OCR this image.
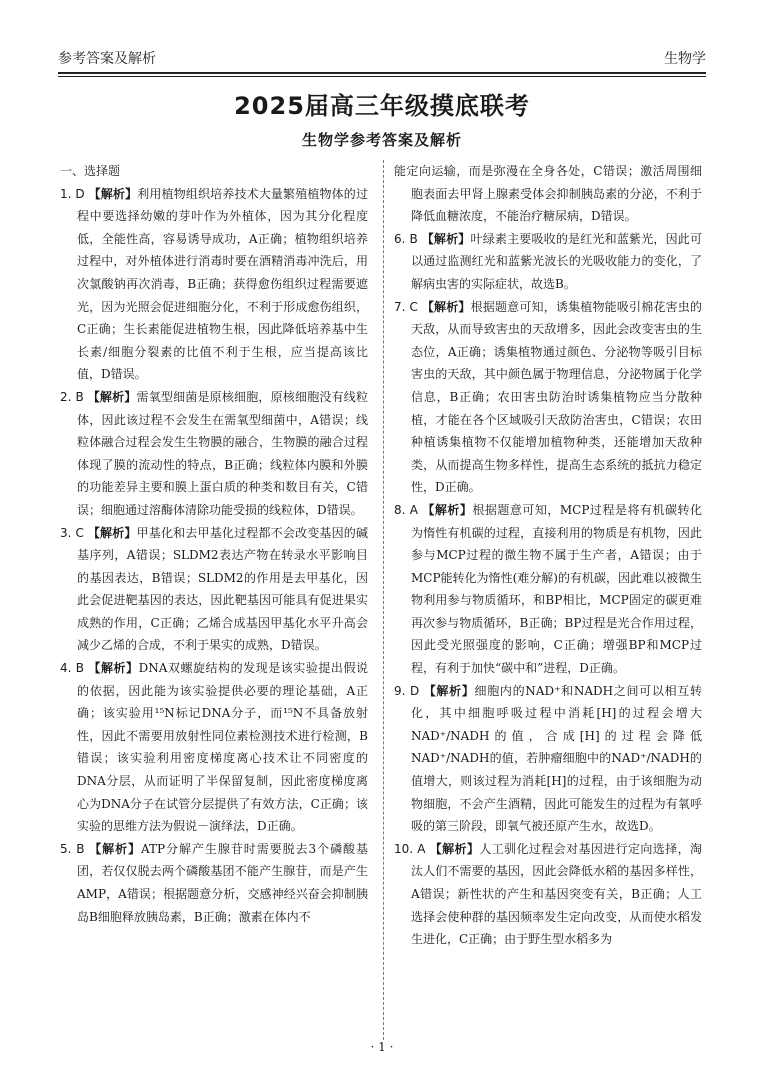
参考答案及解析	生物学
2025届高三年级摸底联考
生物学参考答案及解析
一、选择题
1. D 【解析】利用植物组织培养技术大量繁殖植物体的过程中要选择幼嫩的芽叶作为外植体，因为其分化程度低，全能性高，容易诱导成功，A正确；植物组织培养过程中，对外植体进行消毒时要在酒精消毒冲洗后，用次氯酸钠再次消毒，B正确；获得愈伤组织过程需要遮光，因为光照会促进细胞分化，不利于形成愈伤组织，C正确；生长素能促进植物生根，因此降低培养基中生长素/细胞分裂素的比值不利于生根，应当提高该比值，D错误。
2. B 【解析】需氧型细菌是原核细胞，原核细胞没有线粒体，因此该过程不会发生在需氧型细菌中，A错误；线粒体融合过程会发生生物膜的融合，生物膜的融合过程体现了膜的流动性的特点，B正确；线粒体内膜和外膜的功能差异主要和膜上蛋白质的种类和数目有关，C错误；细胞通过溶酶体清除功能受损的线粒体，D错误。
3. C 【解析】甲基化和去甲基化过程都不会改变基因的碱基序列，A错误；SLDM2表达产物在转录水平影响目的基因表达，B错误；SLDM2的作用是去甲基化，因此会促进靶基因的表达，因此靶基因可能具有促进果实成熟的作用，C正确；乙烯合成基因甲基化水平升高会减少乙烯的合成，不利于果实的成熟，D错误。
4. B 【解析】DNA双螺旋结构的发现是该实验提出假说的依据，因此能为该实验提供必要的理论基础，A正确；该实验用¹⁵N标记DNA分子，而¹⁵N不具备放射性，因此不需要用放射性同位素检测技术进行检测，B错误；该实验利用密度梯度离心技术让不同密度的DNA分层，从而证明了半保留复制，因此密度梯度离心为DNA分子在试管分层提供了有效方法，C正确；该实验的思维方法为假说－演绎法，D正确。
5. B 【解析】ATP分解产生腺苷时需要脱去3个磷酸基团，若仅仅脱去两个磷酸基团不能产生腺苷，而是产生AMP，A错误；根据题意分析，交感神经兴奋会抑制胰岛B细胞释放胰岛素，B正确；激素在体内不
能定向运输，而是弥漫在全身各处，C错误；激活周围细胞表面去甲肾上腺素受体会抑制胰岛素的分泌，不利于降低血糖浓度，不能治疗糖尿病，D错误。
6. B 【解析】叶绿素主要吸收的是红光和蓝紫光，因此可以通过监测红光和蓝紫光波长的光吸收能力的变化，了解病虫害的实际症状，故选B。
7. C 【解析】根据题意可知，诱集植物能吸引棉花害虫的天敌，从而导致害虫的天敌增多，因此会改变害虫的生态位，A正确；诱集植物通过颜色、分泌物等吸引目标害虫的天敌，其中颜色属于物理信息，分泌物属于化学信息，B正确；农田害虫防治时诱集植物应当分散种植，才能在各个区域吸引天敌防治害虫，C错误；农田种植诱集植物不仅能增加植物种类，还能增加天敌种类，从而提高生物多样性，提高生态系统的抵抗力稳定性，D正确。
8. A 【解析】根据题意可知，MCP过程是将有机碳转化为惰性有机碳的过程，直接利用的物质是有机物，因此参与MCP过程的微生物不属于生产者，A错误；由于MCP能转化为惰性(难分解)的有机碳，因此难以被微生物利用参与物质循环，和BP相比，MCP固定的碳更难再次参与物质循环，B正确；BP过程是光合作用过程，因此受光照强度的影响，C正确；增强BP和MCP过程，有利于加快“碳中和”进程，D正确。
9. D 【解析】细胞内的NAD⁺和NADH之间可以相互转化，其中细胞呼吸过程中消耗[H]的过程会增大NAD⁺/NADH的值，合成[H]的过程会降低NAD⁺/NADH的值，若肿瘤细胞中的NAD⁺/NADH的值增大，则该过程为消耗[H]的过程，由于该细胞为动物细胞，不会产生酒精，因此可能发生的过程为有氧呼吸的第三阶段，即氧气被还原产生水，故选D。
10. A 【解析】人工驯化过程会对基因进行定向选择，淘汰人们不需要的基因，因此会降低水稻的基因多样性，A错误；新性状的产生和基因突变有关，B正确；人工选择会使种群的基因频率发生定向改变，从而使水稻发生进化，C正确；由于野生型水稻多为
· 1 ·
